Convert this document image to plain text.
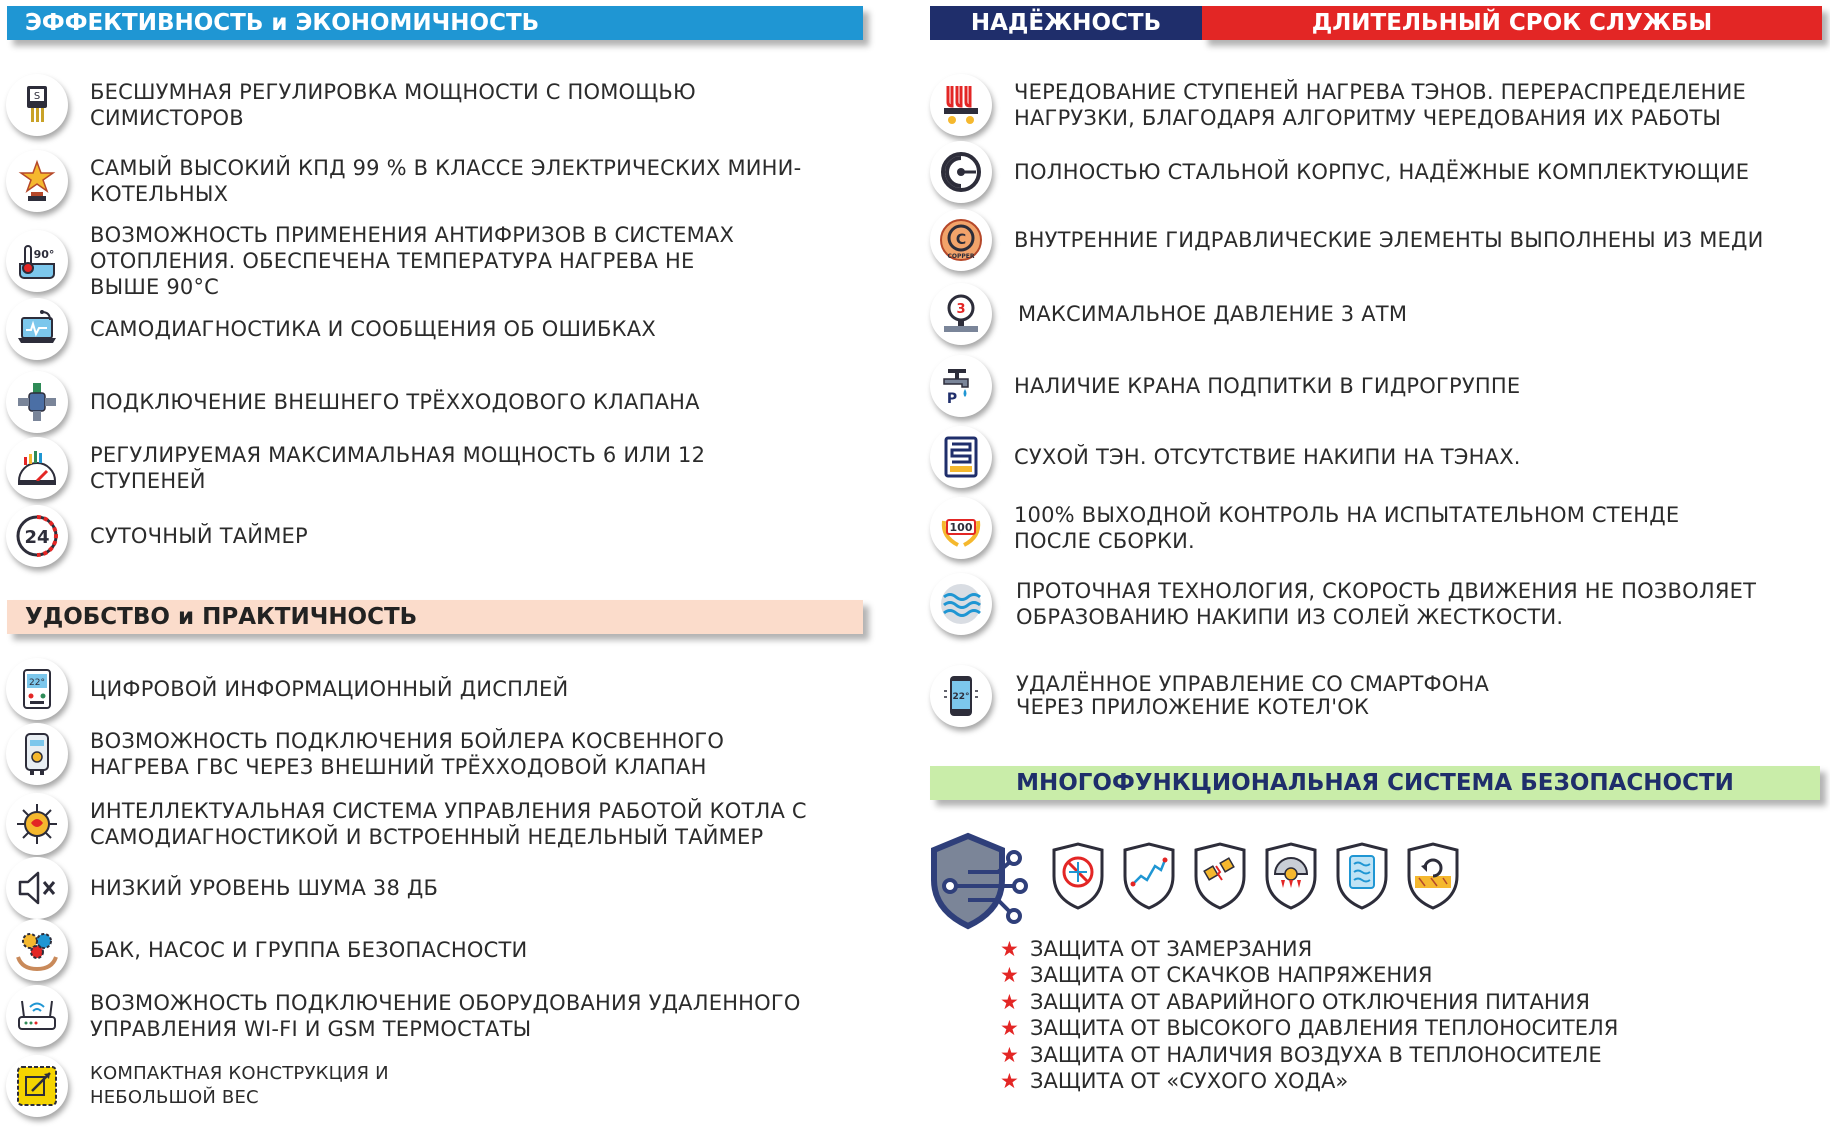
ЭФФЕКТИВНОСТЬ и ЭКОНОМИЧНОСТЬ
УДОБСТВО и ПРАКТИЧНОСТЬ
НАДЁЖНОСТЬ	ДЛИТЕЛЬНЫЙ СРОК СЛУЖБЫ
МНОГОФУНКЦИОНАЛЬНАЯ СИСТЕМА БЕЗОПАСНОСТИ
S БЕСШУМНАЯ РЕГУЛИРОВКА МОЩНОСТИ С ПОМОЩЬЮ
СИМИСТОРОВ
САМЫЙ ВЫСОКИЙ КПД 99 % В КЛАССЕ ЭЛЕКТРИЧЕСКИХ МИНИ-
КОТЕЛЬНЫХ
90°
ВОЗМОЖНОСТЬ ПРИМЕНЕНИЯ АНТИФРИЗОВ В СИСТЕМАХ
ОТОПЛЕНИЯ. ОБЕСПЕЧЕНА ТЕМПЕРАТУРА НАГРЕВА НЕ
ВЫШЕ 90°С
САМОДИАГНОСТИКА И СООБЩЕНИЯ ОБ ОШИБКАХ
ПОДКЛЮЧЕНИЕ ВНЕШНЕГО ТРЁХХОДОВОГО КЛАПАНА
РЕГУЛИРУЕМАЯ МАКСИМАЛЬНАЯ МОЩНОСТЬ 6 ИЛИ 12
СТУПЕНЕЙ
24 СУТОЧНЫЙ ТАЙМЕР
22° ЦИФРОВОЙ ИНФОРМАЦИОННЫЙ ДИСПЛЕЙ
ВОЗМОЖНОСТЬ ПОДКЛЮЧЕНИЯ БОЙЛЕРА КОСВЕННОГО
НАГРЕВА ГВС ЧЕРЕЗ ВНЕШНИЙ ТРЁХХОДОВОЙ КЛАПАН
ИНТЕЛЛЕКТУАЛЬНАЯ СИСТЕМА УПРАВЛЕНИЯ РАБОТОЙ КОТЛА С
САМОДИАГНОСТИКОЙ И ВСТРОЕННЫЙ НЕДЕЛЬНЫЙ ТАЙМЕР
НИЗКИЙ УРОВЕНЬ ШУМА 38 ДБ
БАК, НАСОС И ГРУППА БЕЗОПАСНОСТИ
ВОЗМОЖНОСТЬ ПОДКЛЮЧЕНИЕ ОБОРУДОВАНИЯ УДАЛЕННОГО
УПРАВЛЕНИЯ WI-FI И GSM ТЕРМОСТАТЫ
КОМПАКТНАЯ КОНСТРУКЦИЯ И
НЕБОЛЬШОЙ ВЕС
ЧЕРЕДОВАНИЕ СТУПЕНЕЙ НАГРЕВА ТЭНОВ. ПЕРЕРАСПРЕДЕЛЕНИЕ
НАГРУЗКИ, БЛАГОДАРЯ АЛГОРИТМУ ЧЕРЕДОВАНИЯ ИХ РАБОТЫ
ПОЛНОСТЬЮ СТАЛЬНОЙ КОРПУС, НАДЁЖНЫЕ КОМПЛЕКТУЮЩИЕ
C
COPPER
ВНУТРЕННИЕ ГИДРАВЛИЧЕСКИЕ ЭЛЕМЕНТЫ ВЫПОЛНЕНЫ ИЗ МЕДИ
3 МАКСИМАЛЬНОЕ ДАВЛЕНИЕ 3 АТМ
P
НАЛИЧИЕ КРАНА ПОДПИТКИ В ГИДРОГРУППЕ
СУХОЙ ТЭН. ОТСУТСТВИЕ НАКИПИ НА ТЭНАХ.
100
100% ВЫХОДНОЙ КОНТРОЛЬ НА ИСПЫТАТЕЛЬНОМ СТЕНДЕ
ПОСЛЕ СБОРКИ.
ПРОТОЧНАЯ ТЕХНОЛОГИЯ, СКОРОСТЬ ДВИЖЕНИЯ НЕ ПОЗВОЛЯЕТ
ОБРАЗОВАНИЮ НАКИПИ ИЗ СОЛЕЙ ЖЕСТКОСТИ.
22°
УДАЛЁННОЕ УПРАВЛЕНИЕ СО СМАРТФОНА
ЧЕРЕЗ ПРИЛОЖЕНИЕ КОТЕЛ'ОК
★ ЗАЩИТА ОТ ЗАМЕРЗАНИЯ
★ ЗАЩИТА ОТ СКАЧКОВ НАПРЯЖЕНИЯ
★ ЗАЩИТА ОТ АВАРИЙНОГО ОТКЛЮЧЕНИЯ ПИТАНИЯ
★ ЗАЩИТА ОТ ВЫСОКОГО ДАВЛЕНИЯ ТЕПЛОНОСИТЕЛЯ
★ ЗАЩИТА ОТ НАЛИЧИЯ ВОЗДУХА В ТЕПЛОНОСИТЕЛЕ
★ ЗАЩИТА ОТ «СУХОГО ХОДА»
